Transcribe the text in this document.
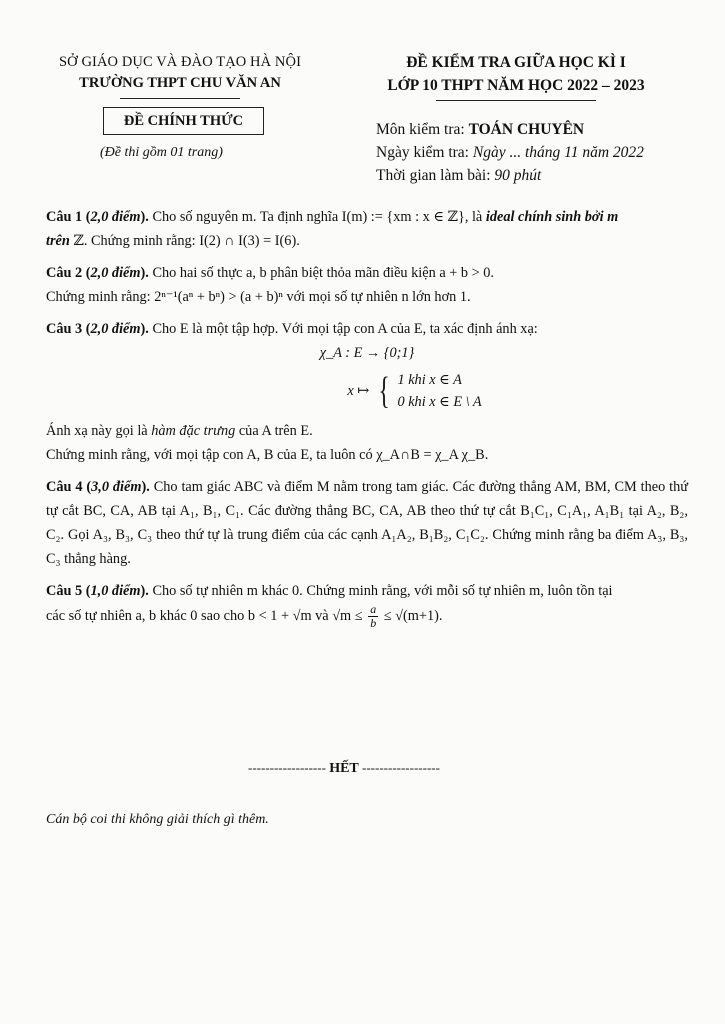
SỞ GIÁO DỤC VÀ ĐÀO TẠO HÀ NỘI
TRƯỜNG THPT CHU VĂN AN
ĐỀ CHÍNH THỨC
(Đề thi gồm 01 trang)
ĐỀ KIỂM TRA GIỮA HỌC KÌ I
LỚP 10 THPT NĂM HỌC 2022 – 2023
Môn kiểm tra: TOÁN CHUYÊN
Ngày kiểm tra: Ngày ... tháng 11 năm 2022
Thời gian làm bài: 90 phút
Câu 1 (2,0 điểm). Cho số nguyên m. Ta định nghĩa I(m) := {xm : x ∈ ℤ}, là ideal chính sinh bởi m
trên ℤ. Chứng minh rằng: I(2) ∩ I(3) = I(6).
Câu 2 (2,0 điểm). Cho hai số thực a, b phân biệt thỏa mãn điều kiện a + b > 0.
Chứng minh rằng: 2ⁿ⁻¹(aⁿ + bⁿ) > (a + b)ⁿ với mọi số tự nhiên n lớn hơn 1.
Câu 3 (2,0 điểm). Cho E là một tập hợp. Với mọi tập con A của E, ta xác định ánh xạ:
χ_A : E → {0;1}
x ↦ { 1 khi x ∈ A
0 khi x ∈ E \ A
Ánh xạ này gọi là hàm đặc trưng của A trên E.
Chứng minh rằng, với mọi tập con A, B của E, ta luôn có χ_A∩B = χ_A χ_B.
Câu 4 (3,0 điểm). Cho tam giác ABC và điểm M nằm trong tam giác. Các đường thẳng AM, BM, CM theo thứ tự cắt BC, CA, AB tại A₁, B₁, C₁. Các đường thẳng BC, CA, AB theo thứ tự cắt B₁C₁, C₁A₁, A₁B₁ tại A₂, B₂, C₂. Gọi A₃, B₃, C₃ theo thứ tự là trung điểm của các cạnh A₁A₂, B₁B₂, C₁C₂. Chứng minh rằng ba điểm A₃, B₃, C₃ thẳng hàng.
Câu 5 (1,0 điểm). Cho số tự nhiên m khác 0. Chứng minh rằng, với mỗi số tự nhiên m, luôn tồn tại
các số tự nhiên a, b khác 0 sao cho b < 1 + √m và $√m \le \frac{a}{b} \le √(m+1)$.
------------------ HẾT ------------------
Cán bộ coi thi không giải thích gì thêm.
